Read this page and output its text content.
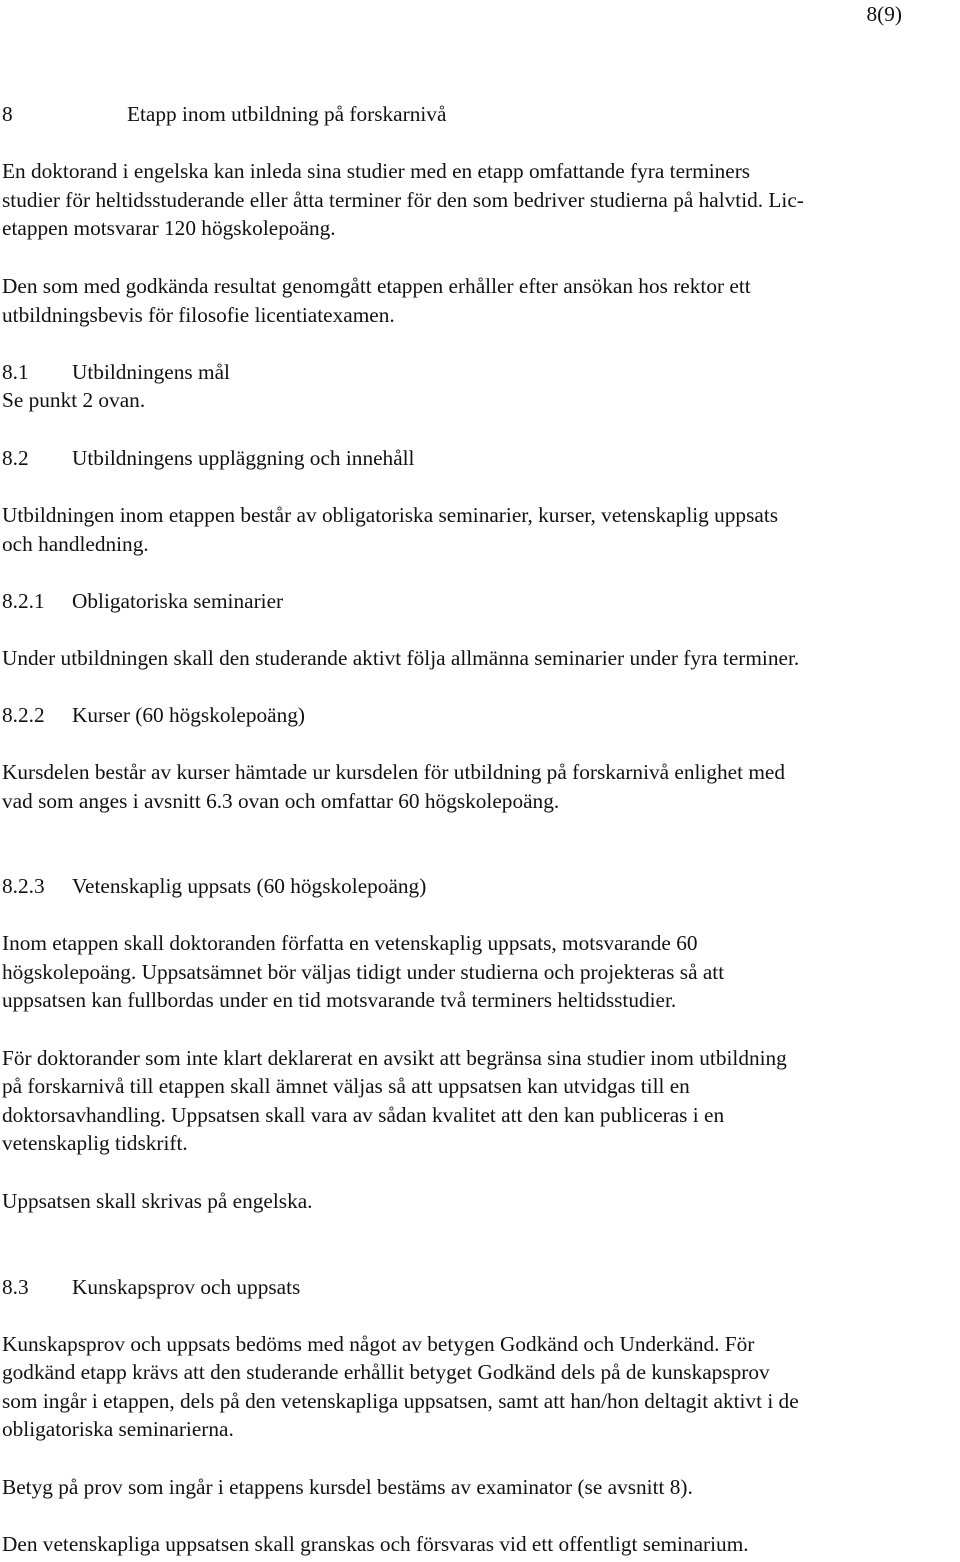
8(9)
8	Etapp inom utbildning på forskarnivå
En doktorand i engelska kan inleda sina studier med en etapp omfattande fyra terminers
studier för heltidsstuderande eller åtta terminer för den som bedriver studierna på halvtid. Lic-
etappen motsvarar 120 högskolepoäng.
Den som med godkända resultat genomgått etappen erhåller efter ansökan hos rektor ett
utbildningsbevis för filosofie licentiatexamen.
8.1 Utbildningens mål
Se punkt 2 ovan.
8.2 Utbildningens uppläggning och innehåll
Utbildningen inom etappen består av obligatoriska seminarier, kurser, vetenskaplig uppsats
och handledning.
8.2.1 Obligatoriska seminarier
Under utbildningen skall den studerande aktivt följa allmänna seminarier under fyra terminer.
8.2.2 Kurser (60 högskolepoäng)
Kursdelen består av kurser hämtade ur kursdelen för utbildning på forskarnivå enlighet med
vad som anges i avsnitt 6.3 ovan och omfattar 60 högskolepoäng.
8.2.3 Vetenskaplig uppsats (60 högskolepoäng)
Inom etappen skall doktoranden författa en vetenskaplig uppsats, motsvarande 60
högskolepoäng. Uppsatsämnet bör väljas tidigt under studierna och projekteras så att
uppsatsen kan fullbordas under en tid motsvarande två terminers heltidsstudier.
För doktorander som inte klart deklarerat en avsikt att begränsa sina studier inom utbildning
på forskarnivå till etappen skall ämnet väljas så att uppsatsen kan utvidgas till en
doktorsavhandling. Uppsatsen skall vara av sådan kvalitet att den kan publiceras i en
vetenskaplig tidskrift.
Uppsatsen skall skrivas på engelska.
8.3 Kunskapsprov och uppsats
Kunskapsprov och uppsats bedöms med något av betygen Godkänd och Underkänd. För
godkänd etapp krävs att den studerande erhållit betyget Godkänd dels på de kunskapsprov
som ingår i etappen, dels på den vetenskapliga uppsatsen, samt att han/hon deltagit aktivt i de
obligatoriska seminarierna.
Betyg på prov som ingår i etappens kursdel bestäms av examinator (se avsnitt 8).
Den vetenskapliga uppsatsen skall granskas och försvaras vid ett offentligt seminarium.
